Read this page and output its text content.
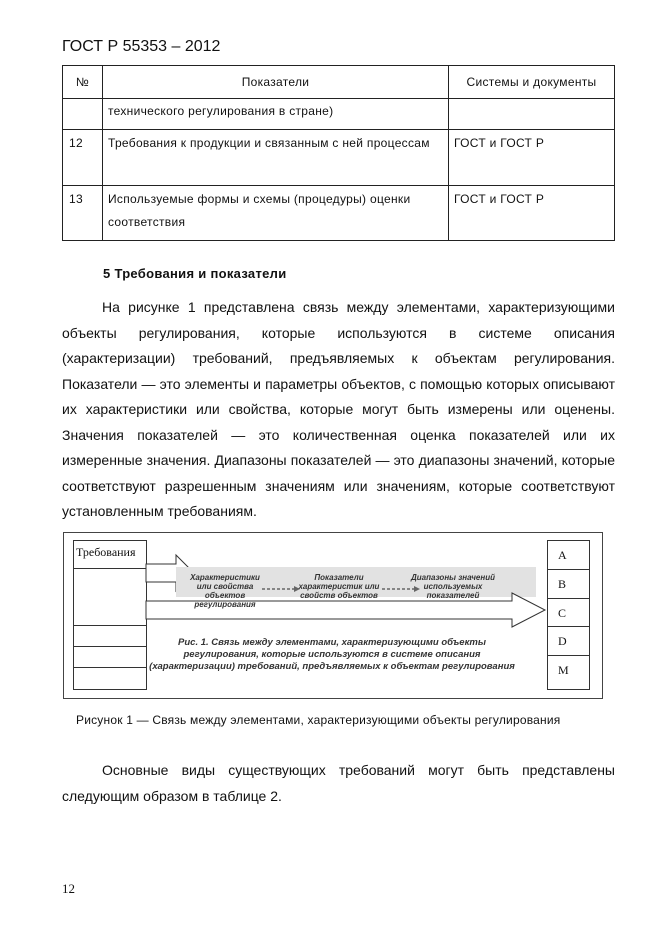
ГОСТ Р 55353 – 2012
№	Показатели	Системы и документы

	технического регулирования в стране)	

12	Требования к продукции и связанным с ней процессам	ГОСТ и ГОСТ Р

13	Используемые формы и схемы (процедуры) оценки соответствия	ГОСТ и ГОСТ Р
5 Требования и показатели
На рисунке 1 представлена связь между элементами, характеризующими объекты регулирования, которые используются в системе описания (характеризации) требований, предъявляемых к объектам регулирования. Показатели — это элементы и параметры объектов, с помощью которых описывают их характеристики или свойства, которые могут быть измерены или оценены. Значения показателей — это количественная оценка показателей или их измеренные значения. Диапазоны показателей — это диапазоны значений, которые соответствуют разрешенным значениям или значениям, которые соответствуют установленным требованиям.
Требования
Характеристики или свойства объектов регулирования
Показатели характеристик или свойств объектов
Диапазоны значений используемых показателей
Рис. 1. Связь между элементами, характеризующими объекты регулирования, которые используются в системе описания (характеризации) требований, предъявляемых к объектам регулирования
A
B
C
D
M
Рисунок 1 — Связь между элементами, характеризующими объекты регулирования
Основные виды существующих требований могут быть представлены следующим образом в таблице 2.
12
